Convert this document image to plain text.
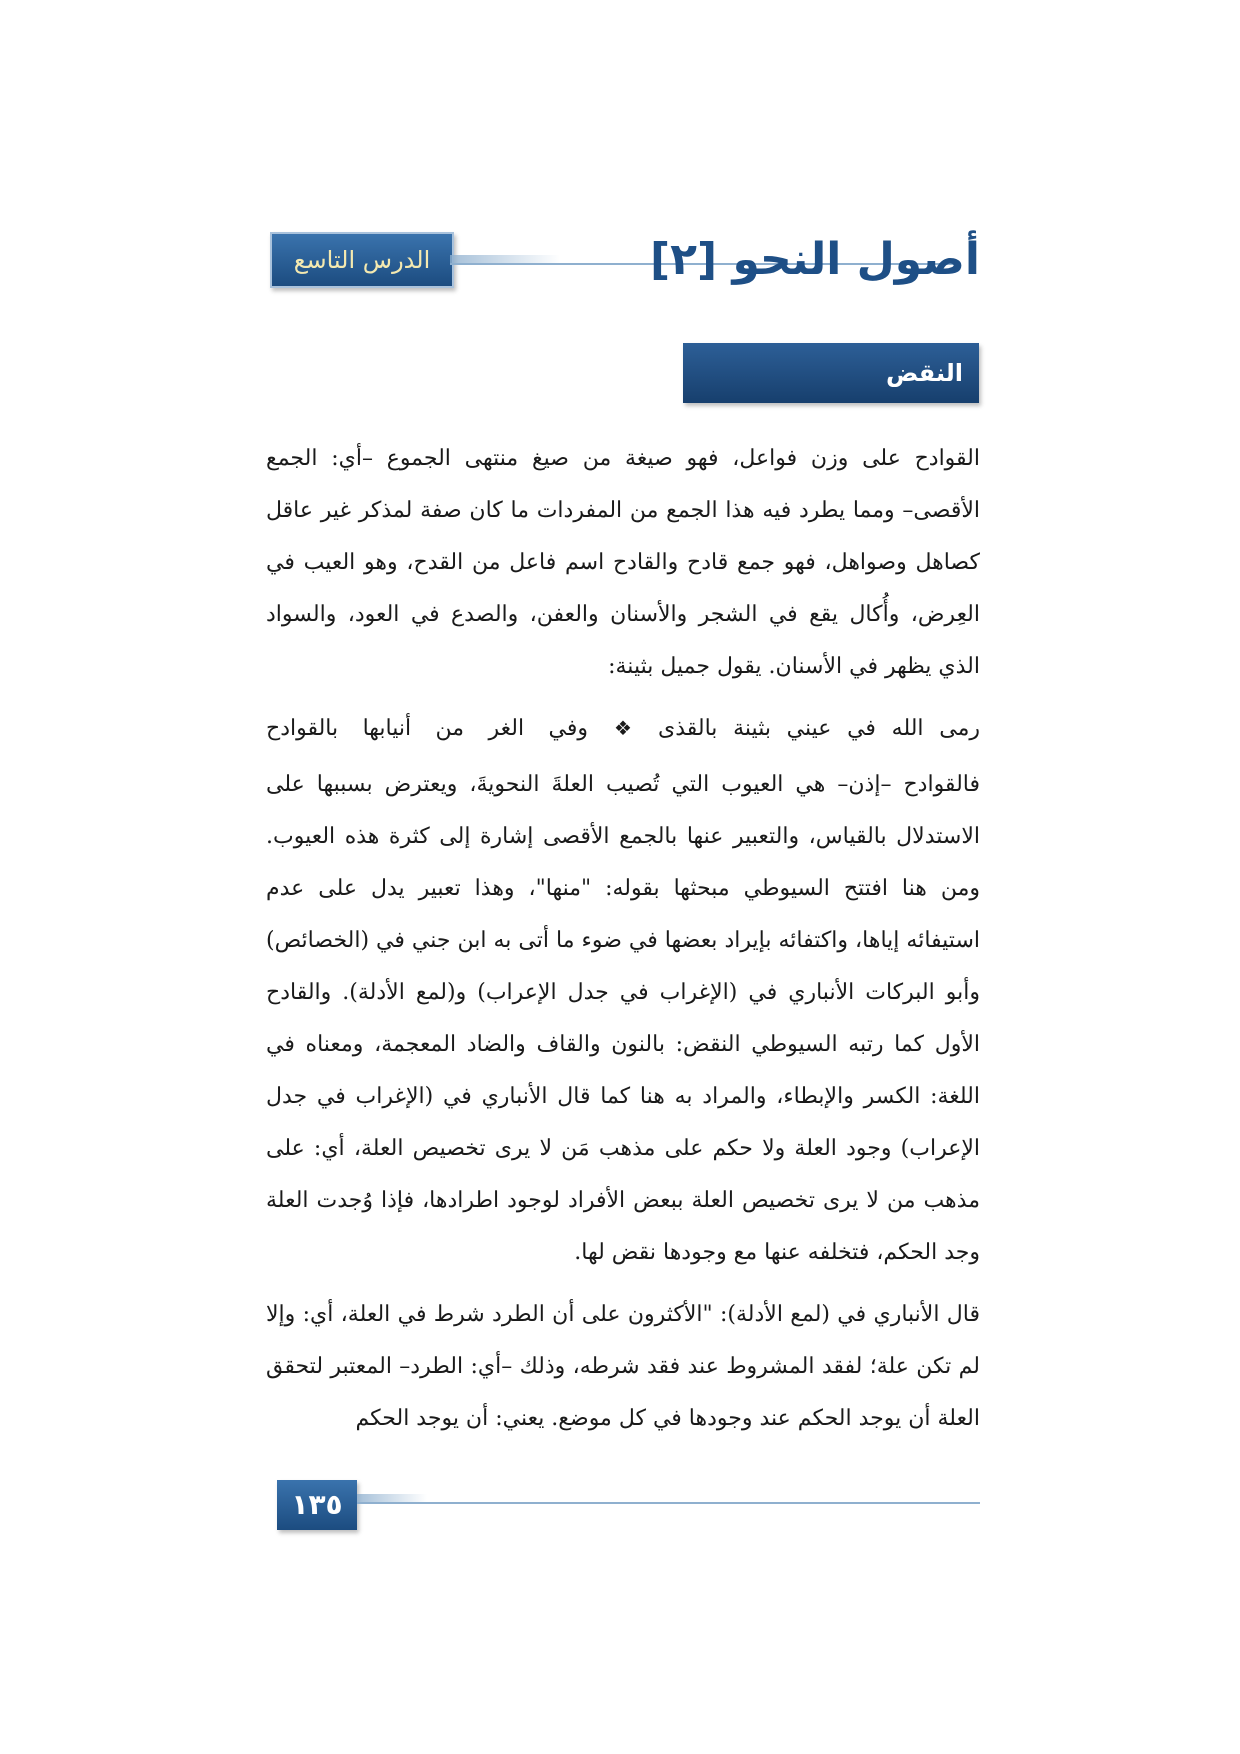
الدرس التاسع	أصول النحو [٢]
النقض

القوادح على وزن فواعل، فهو صيغة من صيغ منتهى الجموع –أي: الجمع الأقصى– ومما يطرد فيه هذا الجمع من المفردات ما كان صفة لمذكر غير عاقل كصاهل وصواهل، فهو جمع قادح والقادح اسم فاعل من القدح، وهو العيب في العِرض، وأُكال يقع في الشجر والأسنان والعفن، والصدع في العود، والسواد الذي يظهر في الأسنان. يقول جميل بثينة:

رمى الله في عيني بثينة بالقذى
❖
وفي الغر من أنيابها بالقوادح

فالقوادح –إذن– هي العيوب التي تُصيب العلةَ النحويةَ، ويعترض بسببها على الاستدلال بالقياس، والتعبير عنها بالجمع الأقصى إشارة إلى كثرة هذه العيوب. ومن هنا افتتح السيوطي مبحثها بقوله: "منها"، وهذا تعبير يدل على عدم استيفائه إياها، واكتفائه بإيراد بعضها في ضوء ما أتى به ابن جني في (الخصائص) وأبو البركات الأنباري في (الإغراب في جدل الإعراب) و(لمع الأدلة). والقادح الأول كما رتبه السيوطي النقض: بالنون والقاف والضاد المعجمة، ومعناه في اللغة: الكسر والإبطاء، والمراد به هنا كما قال الأنباري في (الإغراب في جدل الإعراب) وجود العلة ولا حكم على مذهب مَن لا يرى تخصيص العلة، أي: على مذهب من لا يرى تخصيص العلة ببعض الأفراد لوجود اطرادها، فإذا وُجدت العلة وجد الحكم، فتخلفه عنها مع وجودها نقض لها.

قال الأنباري في (لمع الأدلة): "الأكثرون على أن الطرد شرط في العلة، أي: وإلا لم تكن علة؛ لفقد المشروط عند فقد شرطه، وذلك –أي: الطرد– المعتبر لتحقق العلة أن يوجد الحكم عند وجودها في كل موضع. يعني: أن يوجد الحكم

١٣٥
